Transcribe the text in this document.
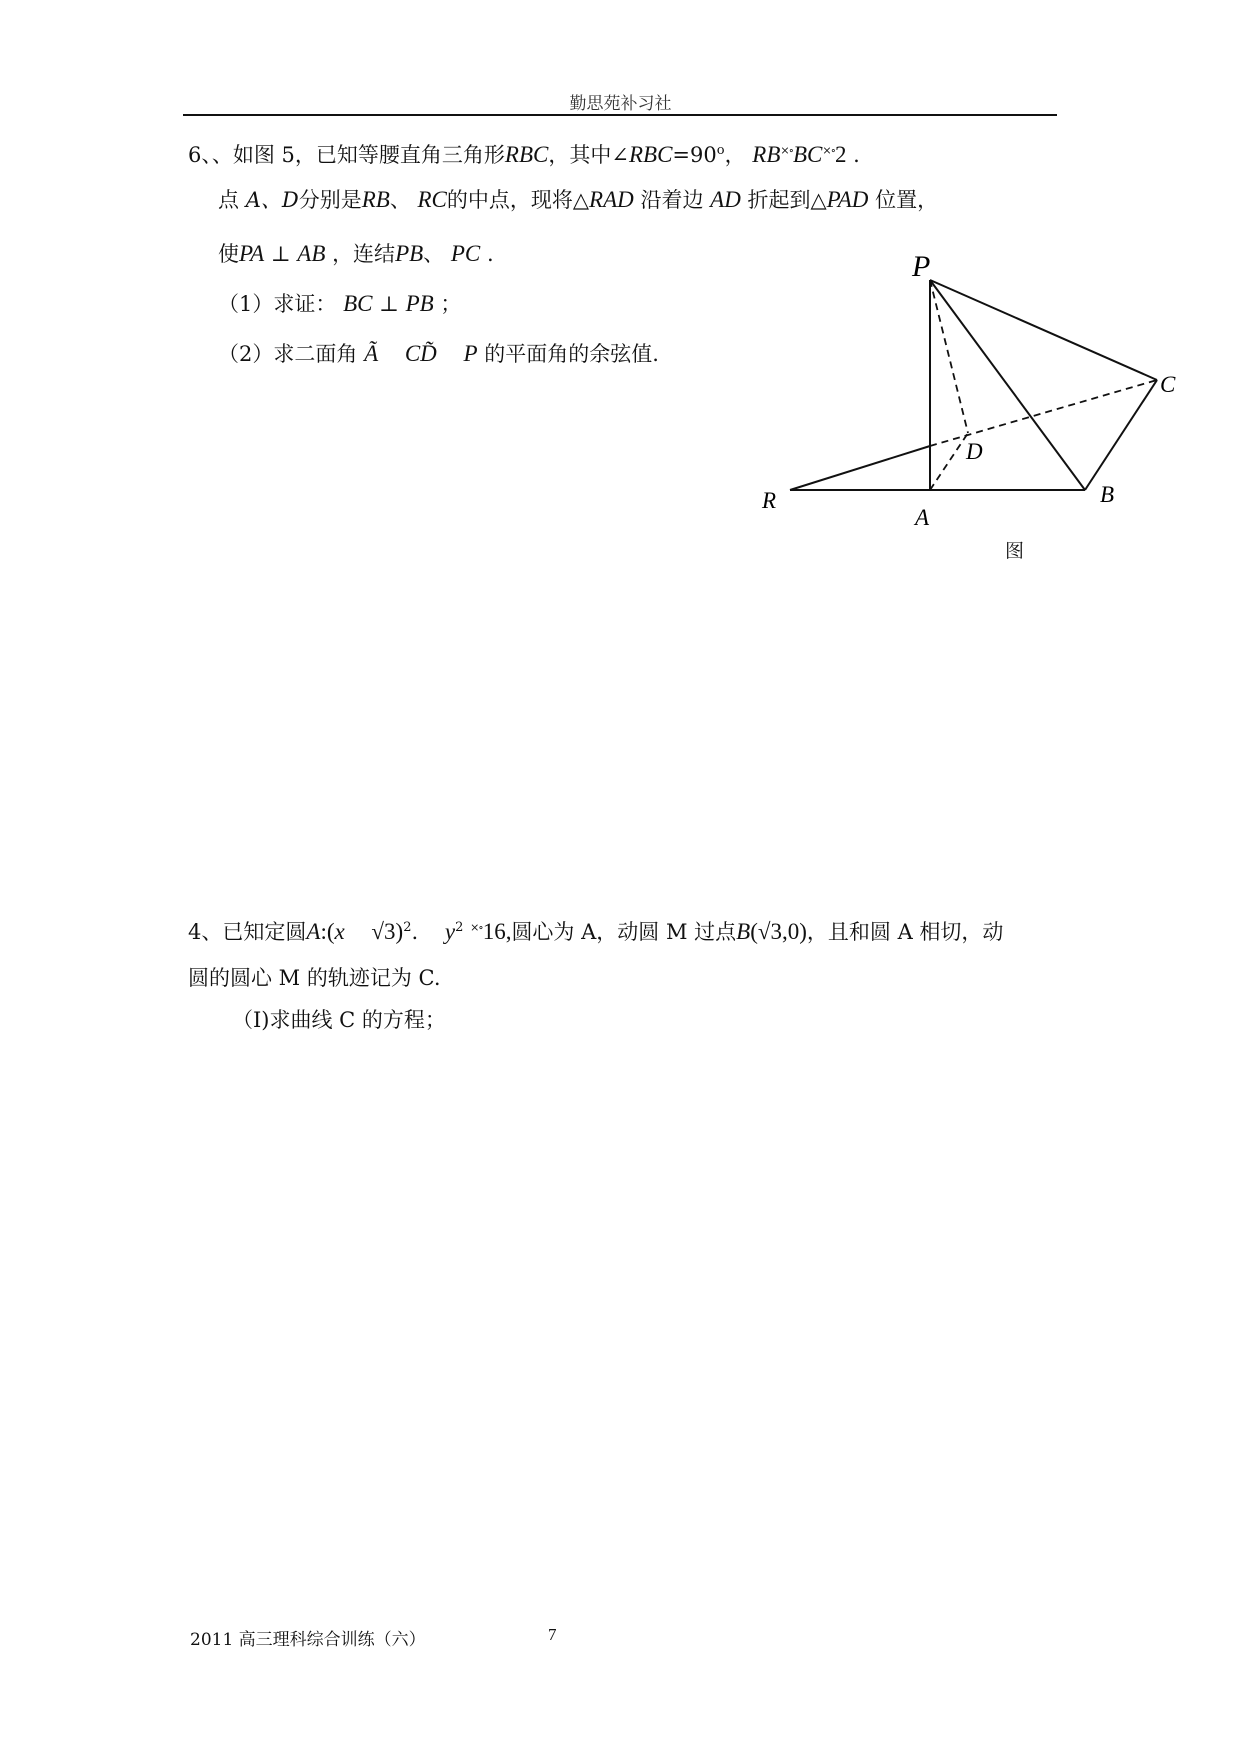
勤思苑补习社
6、、如图 5，已知等腰直角三角形RBC，其中$\angle RBC=90^o$， RB×∘BC×∘2 .
点 A、D分别是RB、 RC的中点，现将△RAD 沿着边 AD 折起到△PAD 位置，
使PA ⊥ AB ，连结PB、 PC .
（1）求证： BC ⊥ PB ；
（2）求二面角 Ã CD̃ P 的平面角的余弦值.
P
C
D
R
A
B
图
4、已知定圆A:(x √3)$^2$. $y^2$ ×∘16,圆心为 A，动圆 M 过点B(√3,0)，且和圆 A 相切，动
圆的圆心 M 的轨迹记为 C.
（Ⅰ)求曲线 C 的方程；
2011 高三理科综合训练（六）	7
